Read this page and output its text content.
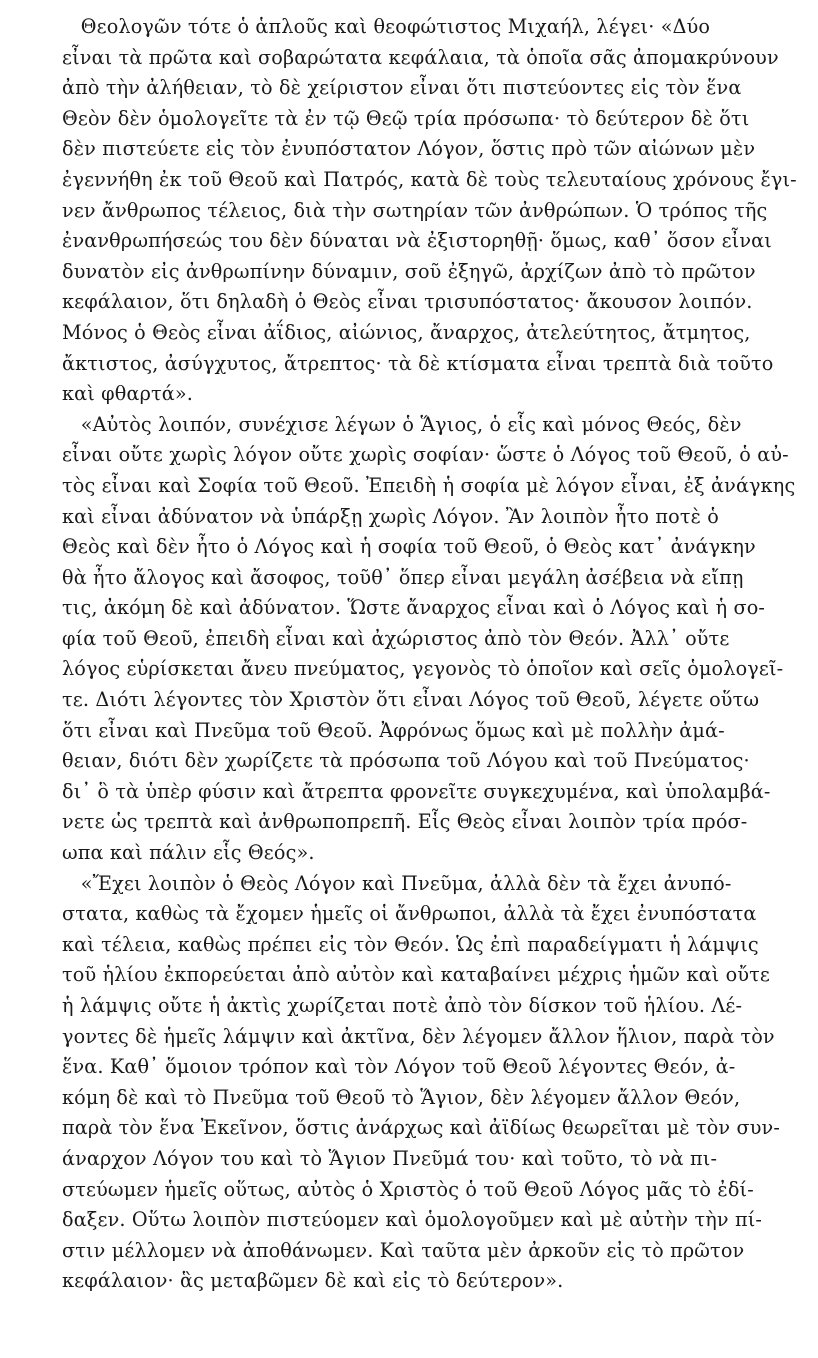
Θεολογῶν τότε ὁ ἁπλοῦς καὶ θεοφώτιστος Μιχαήλ, λέγει· «Δύο
εἶναι τὰ πρῶτα καὶ σοβαρώτατα κεφάλαια, τὰ ὁποῖα σᾶς ἀπομακρύνουν
ἀπὸ τὴν ἀλήθειαν, τὸ δὲ χείριστον εἶναι ὅτι πιστεύοντες εἰς τὸν ἕνα
Θεὸν δὲν ὁμολογεῖτε τὰ ἐν τῷ Θεῷ τρία πρόσωπα· τὸ δεύτερον δὲ ὅτι
δὲν πιστεύετε εἰς τὸν ἐνυπόστατον Λόγον, ὅστις πρὸ τῶν αἰώνων μὲν
ἐγεννήθη ἐκ τοῦ Θεοῦ καὶ Πατρός, κατὰ δὲ τοὺς τελευταίους χρόνους ἔγι-
νεν ἄνθρωπος τέλειος, διὰ τὴν σωτηρίαν τῶν ἀνθρώπων. Ὁ τρόπος τῆς
ἐνανθρωπήσεώς του δὲν δύναται νὰ ἐξιστορηθῇ· ὅμως, καθ᾽ ὅσον εἶναι
δυνατὸν εἰς ἀνθρωπίνην δύναμιν, σοῦ ἐξηγῶ, ἀρχίζων ἀπὸ τὸ πρῶτον
κεφάλαιον, ὅτι δηλαδὴ ὁ Θεὸς εἶναι τρισυπόστατος· ἄκουσον λοιπόν.
Μόνος ὁ Θεὸς εἶναι ἀΐδιος, αἰώνιος, ἄναρχος, ἀτελεύτητος, ἄτμητος,
ἄκτιστος, ἀσύγχυτος, ἄτρεπτος· τὰ δὲ κτίσματα εἶναι τρεπτὰ διὰ τοῦτο
καὶ φθαρτά».
«Αὐτὸς λοιπόν, συνέχισε λέγων ὁ Ἅγιος, ὁ εἷς καὶ μόνος Θεός, δὲν
εἶναι οὔτε χωρὶς λόγον οὔτε χωρὶς σοφίαν· ὥστε ὁ Λόγος τοῦ Θεοῦ, ὁ αὐ-
τὸς εἶναι καὶ Σοφία τοῦ Θεοῦ. Ἐπειδὴ ἡ σοφία μὲ λόγον εἶναι, ἐξ ἀνάγκης
καὶ εἶναι ἀδύνατον νὰ ὑπάρξῃ χωρὶς Λόγον. Ἂν λοιπὸν ἦτο ποτὲ ὁ
Θεὸς καὶ δὲν ἦτο ὁ Λόγος καὶ ἡ σοφία τοῦ Θεοῦ, ὁ Θεὸς κατ᾽ ἀνάγκην
θὰ ἦτο ἄλογος καὶ ἄσοφος, τοῦθ᾽ ὅπερ εἶναι μεγάλη ἀσέβεια νὰ εἴπῃ
τις, ἀκόμη δὲ καὶ ἀδύνατον. Ὥστε ἄναρχος εἶναι καὶ ὁ Λόγος καὶ ἡ σο-
φία τοῦ Θεοῦ, ἐπειδὴ εἶναι καὶ ἀχώριστος ἀπὸ τὸν Θεόν. Ἀλλ᾽ οὔτε
λόγος εὑρίσκεται ἄνευ πνεύματος, γεγονὸς τὸ ὁποῖον καὶ σεῖς ὁμολογεῖ-
τε. Διότι λέγοντες τὸν Χριστὸν ὅτι εἶναι Λόγος τοῦ Θεοῦ, λέγετε οὕτω
ὅτι εἶναι καὶ Πνεῦμα τοῦ Θεοῦ. Ἀφρόνως ὅμως καὶ μὲ πολλὴν ἀμά-
θειαν, διότι δὲν χωρίζετε τὰ πρόσωπα τοῦ Λόγου καὶ τοῦ Πνεύματος·
δι᾽ ὃ τὰ ὑπὲρ φύσιν καὶ ἄτρεπτα φρονεῖτε συγκεχυμένα, καὶ ὑπολαμβά-
νετε ὡς τρεπτὰ καὶ ἀνθρωποπρεπῆ. Εἷς Θεὸς εἶναι λοιπὸν τρία πρόσ-
ωπα καὶ πάλιν εἷς Θεός».
«Ἔχει λοιπὸν ὁ Θεὸς Λόγον καὶ Πνεῦμα, ἀλλὰ δὲν τὰ ἔχει ἀνυπό-
στατα, καθὼς τὰ ἔχομεν ἡμεῖς οἱ ἄνθρωποι, ἀλλὰ τὰ ἔχει ἐνυπόστατα
καὶ τέλεια, καθὼς πρέπει εἰς τὸν Θεόν. Ὡς ἐπὶ παραδείγματι ἡ λάμψις
τοῦ ἡλίου ἐκπορεύεται ἀπὸ αὐτὸν καὶ καταβαίνει μέχρις ἡμῶν καὶ οὔτε
ἡ λάμψις οὔτε ἡ ἀκτὶς χωρίζεται ποτὲ ἀπὸ τὸν δίσκον τοῦ ἡλίου. Λέ-
γοντες δὲ ἡμεῖς λάμψιν καὶ ἀκτῖνα, δὲν λέγομεν ἄλλον ἥλιον, παρὰ τὸν
ἕνα. Καθ᾽ ὅμοιον τρόπον καὶ τὸν Λόγον τοῦ Θεοῦ λέγοντες Θεόν, ἀ-
κόμη δὲ καὶ τὸ Πνεῦμα τοῦ Θεοῦ τὸ Ἅγιον, δὲν λέγομεν ἄλλον Θεόν,
παρὰ τὸν ἕνα Ἐκεῖνον, ὅστις ἀνάρχως καὶ ἀϊδίως θεωρεῖται μὲ τὸν συν-
άναρχον Λόγον του καὶ τὸ Ἅγιον Πνεῦμά του· καὶ τοῦτο, τὸ νὰ πι-
στεύωμεν ἡμεῖς οὕτως, αὐτὸς ὁ Χριστὸς ὁ τοῦ Θεοῦ Λόγος μᾶς τὸ ἐδί-
δαξεν. Οὕτω λοιπὸν πιστεύομεν καὶ ὁμολογοῦμεν καὶ μὲ αὐτὴν τὴν πί-
στιν μέλλομεν νὰ ἀποθάνωμεν. Καὶ ταῦτα μὲν ἀρκοῦν εἰς τὸ πρῶτον
κεφάλαιον· ἃς μεταβῶμεν δὲ καὶ εἰς τὸ δεύτερον».
